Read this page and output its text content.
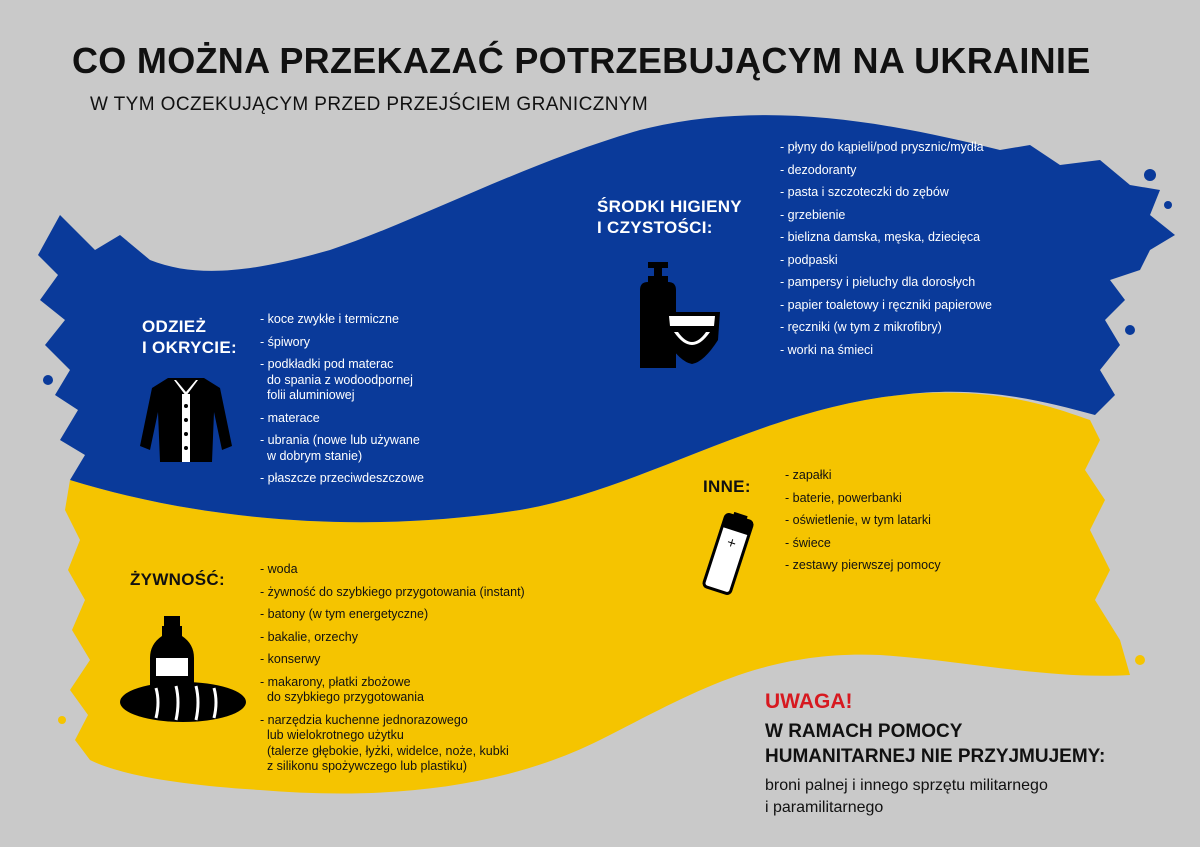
CO MOŻNA PRZEKAZAĆ POTRZEBUJĄCYM NA UKRAINIE
W TYM OCZEKUJĄCYM PRZED PRZEJŚCIEM GRANICZNYM
ODZIEŻ
I OKRYCIE:
- koce zwykłe i termiczne
- śpiwory
- podkładki pod materac
do spania z wodoodpornej
folii aluminiowej
- materace
- ubrania (nowe lub używane
w dobrym stanie)
- płaszcze przeciwdeszczowe
ŚRODKI HIGIENY
I CZYSTOŚCI:
- płyny do kąpieli/pod prysznic/mydła
- dezodoranty
- pasta i szczoteczki do zębów
- grzebienie
- bielizna damska, męska, dziecięca
- podpaski
- pampersy i pieluchy dla dorosłych
- papier toaletowy i ręczniki papierowe
- ręczniki (w tym z mikrofibry)
- worki na śmieci
INNE:
+
- zapałki
- baterie, powerbanki
- oświetlenie, w tym latarki
- świece
- zestawy pierwszej pomocy
ŻYWNOŚĆ:
- woda
- żywność do szybkiego przygotowania (instant)
- batony (w tym energetyczne)
- bakalie, orzechy
- konserwy
- makarony, płatki zbożowe
do szybkiego przygotowania
- narzędzia kuchenne jednorazowego
lub wielokrotnego użytku
(talerze głębokie, łyżki, widelce, noże, kubki
z silikonu spożywczego lub plastiku)
UWAGA!
W RAMACH POMOCY
HUMANITARNEJ NIE PRZYJMUJEMY:
broni palnej i innego sprzętu militarnego
i paramilitarnego
